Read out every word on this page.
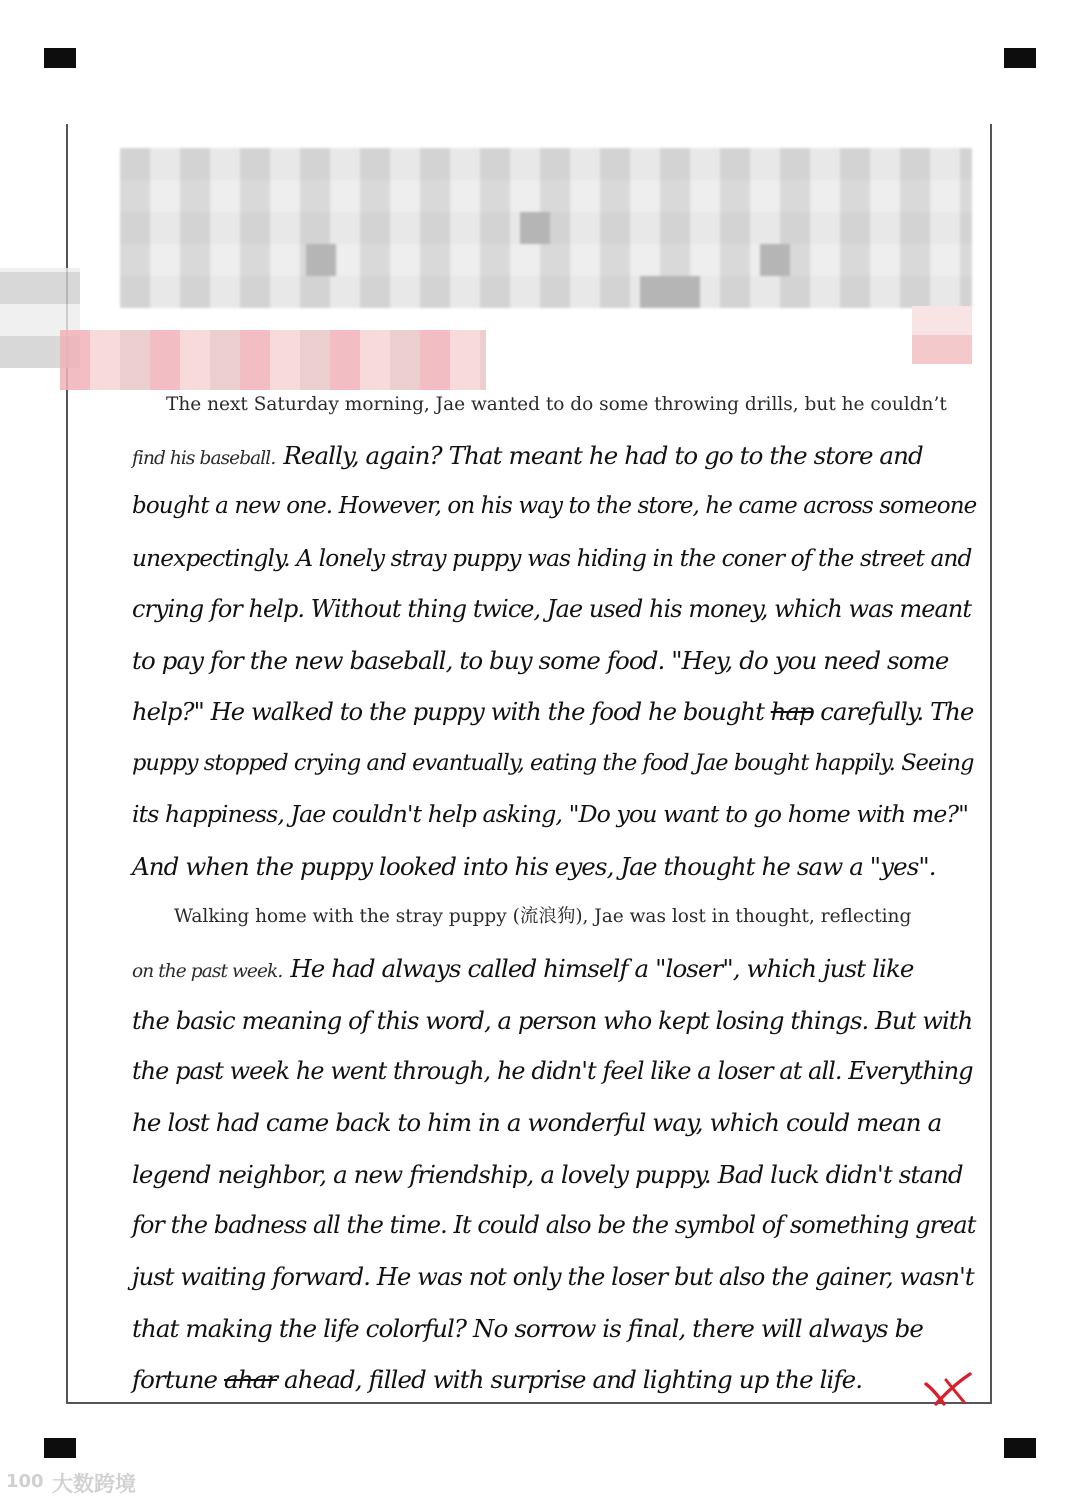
The next Saturday morning, Jae wanted to do some throwing drills, but he couldn’t
find his baseball. Really, again? That meant he had to go to the store and
bought a new one. However, on his way to the store, he came across someone
unexpectingly. A lonely stray puppy was hiding in the coner of the street and
crying for help. Without thing twice, Jae used his money, which was meant
to pay for the new baseball, to buy some food. "Hey, do you need some
help?" He walked to the puppy with the food he bought hap carefully. The
puppy stopped crying and evantually, eating the food Jae bought happily. Seeing
its happiness, Jae couldn't help asking, "Do you want to go home with me?"
And when the puppy looked into his eyes, Jae thought he saw a "yes".
Walking home with the stray puppy (流浪狗), Jae was lost in thought, reflecting
on the past week. He had always called himself a "loser", which just like
the basic meaning of this word, a person who kept losing things. But with
the past week he went through, he didn't feel like a loser at all. Everything
he lost had came back to him in a wonderful way, which could mean a
legend neighbor, a new friendship, a lovely puppy. Bad luck didn't stand
for the badness all the time. It could also be the symbol of something great
just waiting forward. He was not only the loser but also the gainer, wasn't
that making the life colorful? No sorrow is final, there will always be
fortune ahar ahead, filled with surprise and lighting up the life.
100 大数跨境
